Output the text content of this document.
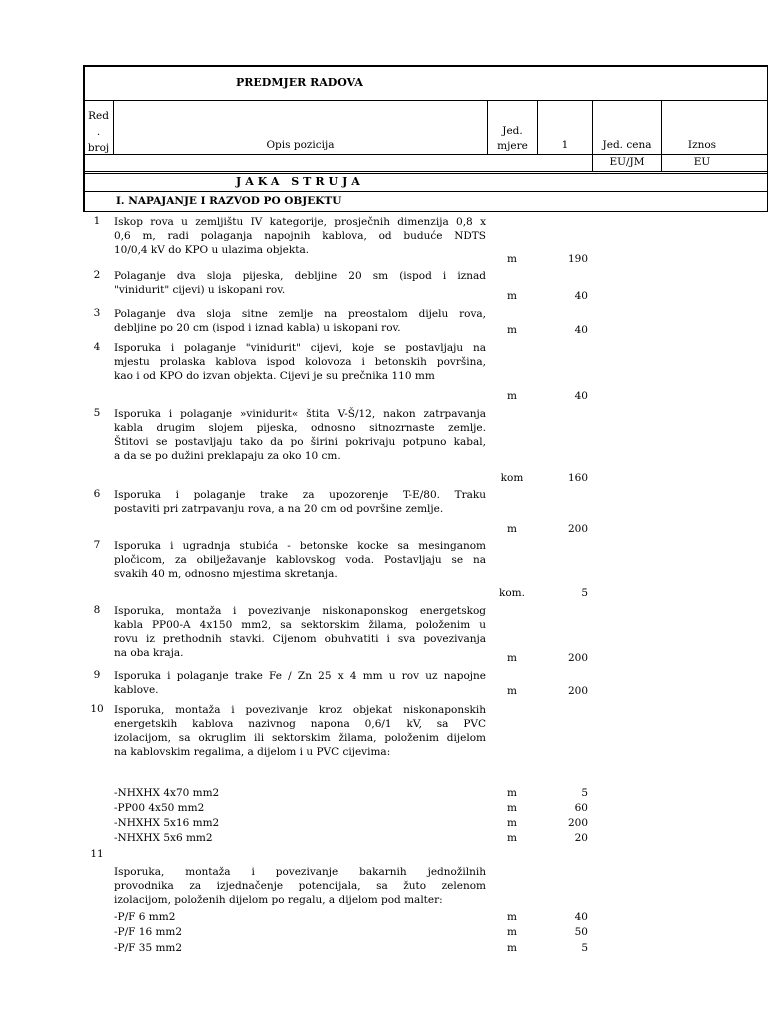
PREDMJER RADOVA
Red
.
broj	Opis pozicija
Jed.
mjere	1	Jed. cena	Iznos
EU/JM	EU
JAKA STRUJA
I. NAPAJANJE I RAZVOD PO OBJEKTU
1	Iskop rova u zemljištu IV kategorije, prosječnih dimenzija 0,8 x
0,6 m, radi polaganja napojnih kablova, od buduće NDTS
10/0,4 kV do KPO u ulazima objekta.
m	190
2	Polaganje dva sloja pijeska, debljine 20 sm (ispod i iznad
"vinidurit" cijevi) u iskopani rov.	m	40
3	Polaganje dva sloja sitne zemlje na preostalom dijelu rova,
debljine po 20 cm (ispod i iznad kabla) u iskopani rov.	m	40
4	Isporuka i polaganje "vinidurit" cijevi, koje se postavljaju na
mjestu prolaska kablova ispod kolovoza i betonskih površina,
kao i od KPO do izvan objekta. Cijevi je su prečnika 110 mm
m	40
5	Isporuka i polaganje »vinidurit« štita V-Š/12, nakon zatrpavanja
kabla drugim slojem pijeska, odnosno sitnozrnaste zemlje.
Štitovi se postavljaju tako da po širini pokrivaju potpuno kabal,
a da se po dužini preklapaju za oko 10 cm.
kom	160
6	Isporuka i polaganje trake za upozorenje T-E/80. Traku
postaviti pri zatrpavanju rova, a na 20 cm od površine zemlje.
m	200
7	Isporuka i ugradnja stubića - betonske kocke sa mesinganom
pločicom, za obilježavanje kablovskog voda. Postavljaju se na
svakih 40 m, odnosno mjestima skretanja.
kom.	5
8	Isporuka, montaža i povezivanje niskonaponskog energetskog
kabla PP00-A 4x150 mm2, sa sektorskim žilama, položenim u
rovu iz prethodnih stavki. Cijenom obuhvatiti i sva povezivanja
na oba kraja.	m	200
9	Isporuka i polaganje trake Fe / Zn 25 x 4 mm u rov uz napojne
kablove.	m	200
10 Isporuka, montaža i povezivanje kroz objekat niskonaponskih
energetskih kablova nazivnog napona 0,6/1 kV, sa PVC
izolacijom, sa okruglim ili sektorskim žilama, položenim dijelom
na kablovskim regalima, a dijelom i u PVC cijevima:
-NHXHX 4x70 mm2	m	5
-PP00 4x50 mm2	m	60
-NHXHX 5x16 mm2	m	200
-NHXHX 5x6 mm2	m	20
11
Isporuka, montaža i povezivanje bakarnih jednožilnih
provodnika za izjednačenje potencijala, sa žuto zelenom
izolacijom, položenih dijelom po regalu, a dijelom pod malter:
-P/F 6 mm2	m	40
-P/F 16 mm2	m	50
-P/F 35 mm2	m	5
